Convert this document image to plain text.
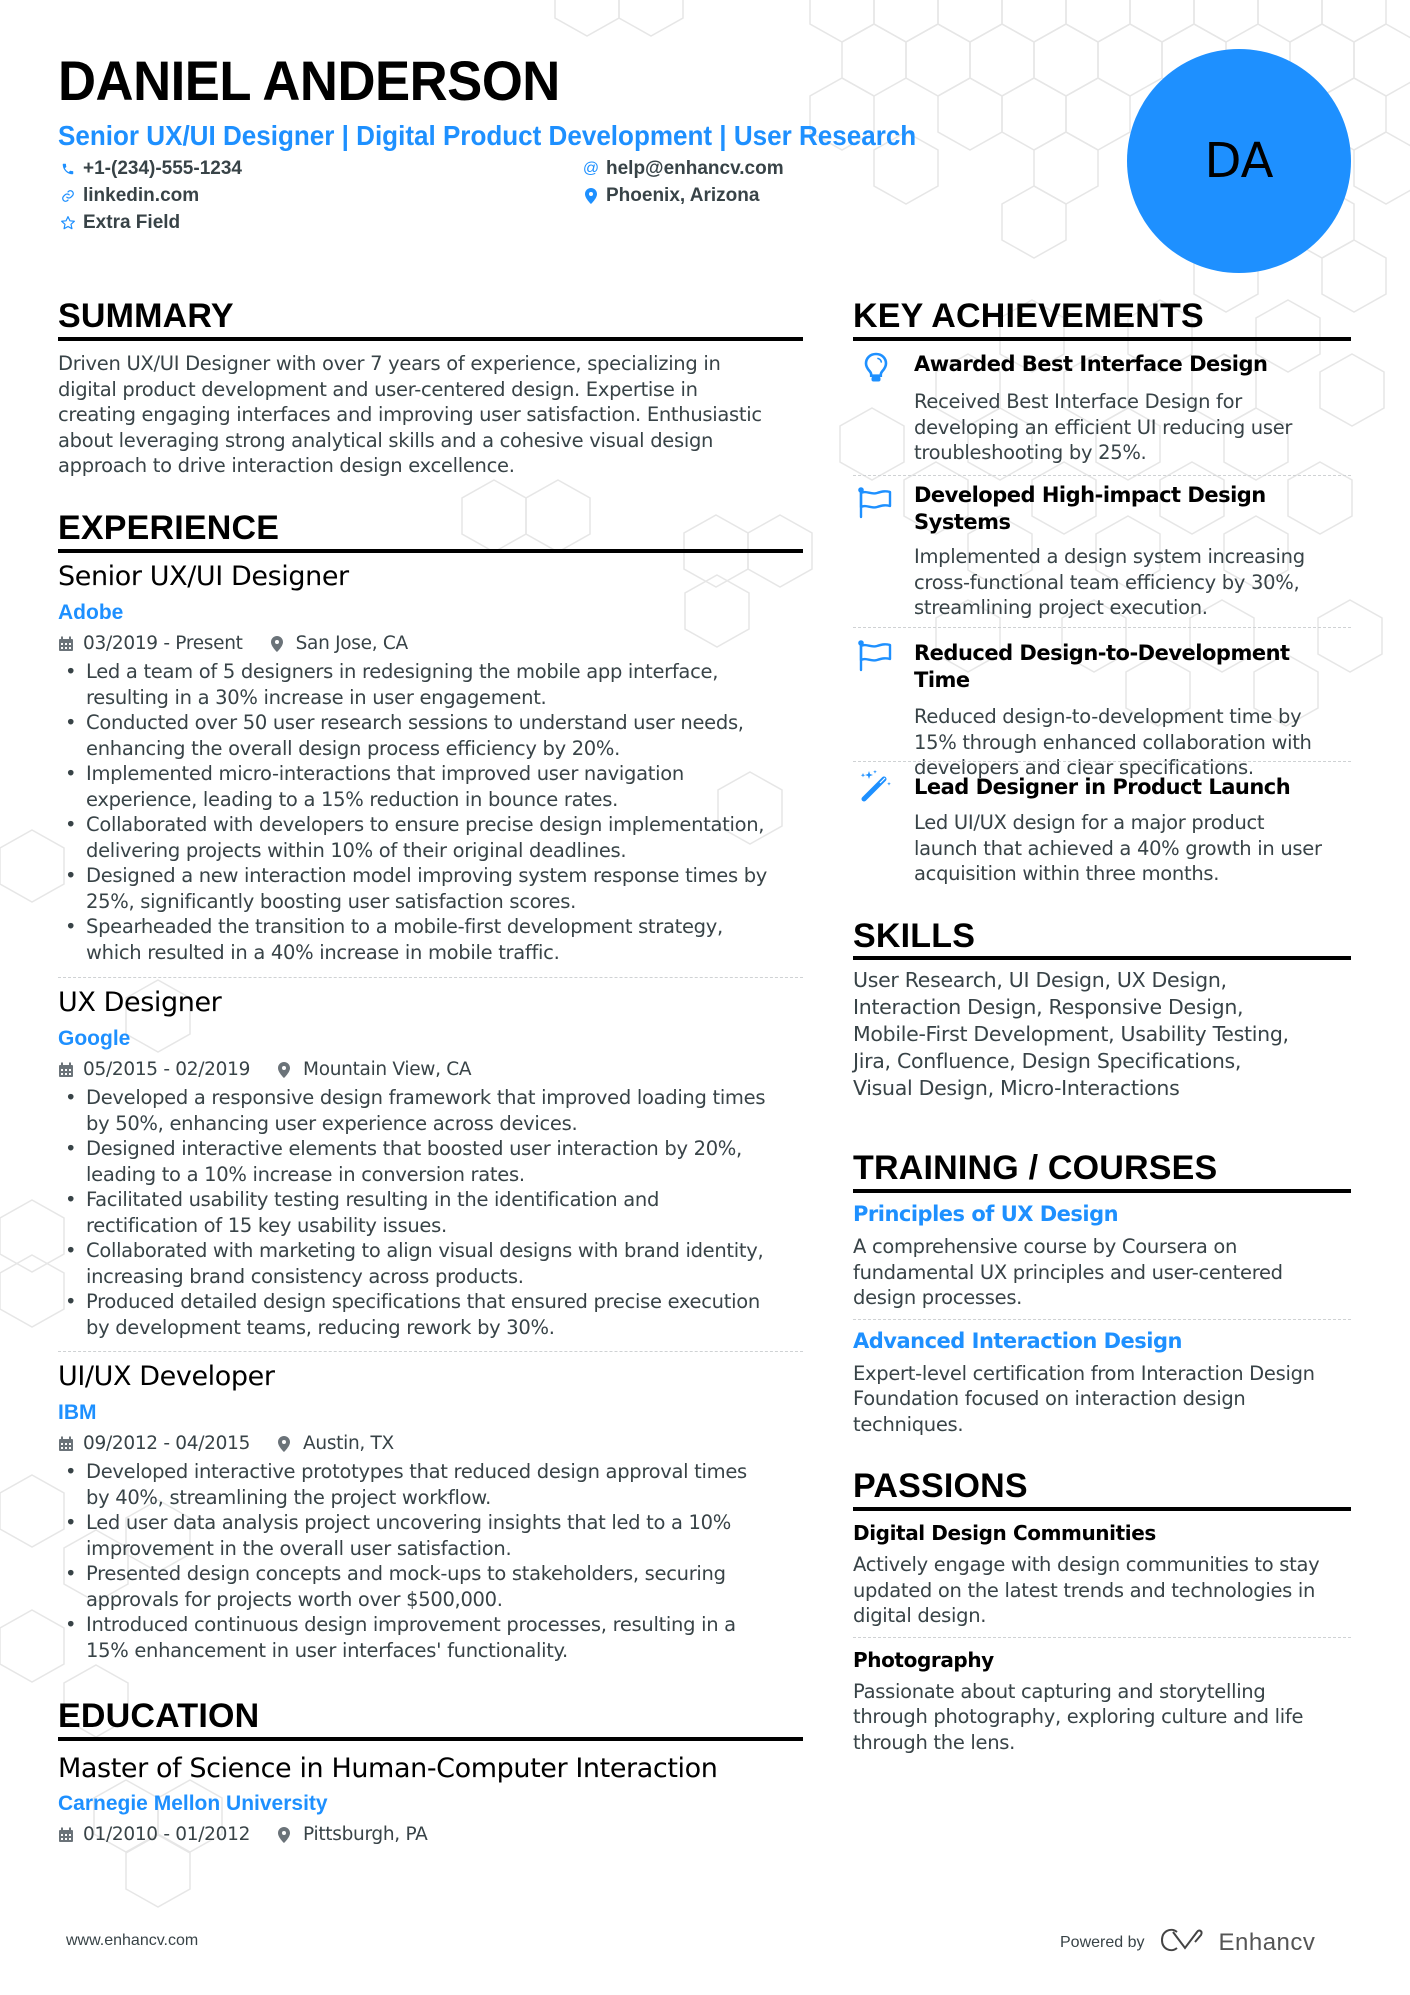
DANIEL ANDERSON
Senior UX/UI Designer | Digital Product Development | User Research
+1-(234)-555-1234
linkedin.com
Extra Field
@ help@enhancv.com
Phoenix, Arizona
DA
SUMMARY
Driven UX/UI Designer with over 7 years of experience, specializing in
digital product development and user-centered design. Expertise in
creating engaging interfaces and improving user satisfaction. Enthusiastic
about leveraging strong analytical skills and a cohesive visual design
approach to drive interaction design excellence.
EXPERIENCE
Senior UX/UI Designer
Adobe
03/2019 - Present	San Jose, CA
• Led a team of 5 designers in redesigning the mobile app interface,
resulting in a 30% increase in user engagement.
• Conducted over 50 user research sessions to understand user needs,
enhancing the overall design process efficiency by 20%.
• Implemented micro-interactions that improved user navigation
experience, leading to a 15% reduction in bounce rates.
• Collaborated with developers to ensure precise design implementation,
delivering projects within 10% of their original deadlines.
• Designed a new interaction model improving system response times by
25%, significantly boosting user satisfaction scores.
• Spearheaded the transition to a mobile-first development strategy,
which resulted in a 40% increase in mobile traffic.
UX Designer
Google
05/2015 - 02/2019	Mountain View, CA
• Developed a responsive design framework that improved loading times
by 50%, enhancing user experience across devices.
• Designed interactive elements that boosted user interaction by 20%,
leading to a 10% increase in conversion rates.
• Facilitated usability testing resulting in the identification and
rectification of 15 key usability issues.
• Collaborated with marketing to align visual designs with brand identity,
increasing brand consistency across products.
• Produced detailed design specifications that ensured precise execution
by development teams, reducing rework by 30%.
UI/UX Developer
IBM
09/2012 - 04/2015	Austin, TX
• Developed interactive prototypes that reduced design approval times
by 40%, streamlining the project workflow.
• Led user data analysis project uncovering insights that led to a 10%
improvement in the overall user satisfaction.
• Presented design concepts and mock-ups to stakeholders, securing
approvals for projects worth over $500,000.
• Introduced continuous design improvement processes, resulting in a
15% enhancement in user interfaces' functionality.
EDUCATION
Master of Science in Human-Computer Interaction
Carnegie Mellon University
01/2010 - 01/2012	Pittsburgh, PA
KEY ACHIEVEMENTS
Awarded Best Interface Design
Received Best Interface Design for
developing an efficient UI reducing user
troubleshooting by 25%.
Developed High-impact Design
Systems
Implemented a design system increasing
cross-functional team efficiency by 30%,
streamlining project execution.
Reduced Design-to-Development Time
Reduced design-to-development time by
15% through enhanced collaboration with
developers and clear specifications.
Lead Designer in Product Launch
Led UI/UX design for a major product
launch that achieved a 40% growth in user
acquisition within three months.
SKILLS
User Research, UI Design, UX Design,
Interaction Design, Responsive Design,
Mobile-First Development, Usability Testing,
Jira, Confluence, Design Specifications,
Visual Design, Micro-Interactions
TRAINING / COURSES
Principles of UX Design
A comprehensive course by Coursera on
fundamental UX principles and user-centered
design processes.
Advanced Interaction Design
Expert-level certification from Interaction Design
Foundation focused on interaction design
techniques.
PASSIONS
Digital Design Communities
Actively engage with design communities to stay
updated on the latest trends and technologies in
digital design.
Photography
Passionate about capturing and storytelling
through photography, exploring culture and life
through the lens.
www.enhancv.com	Powered by	Enhancv
